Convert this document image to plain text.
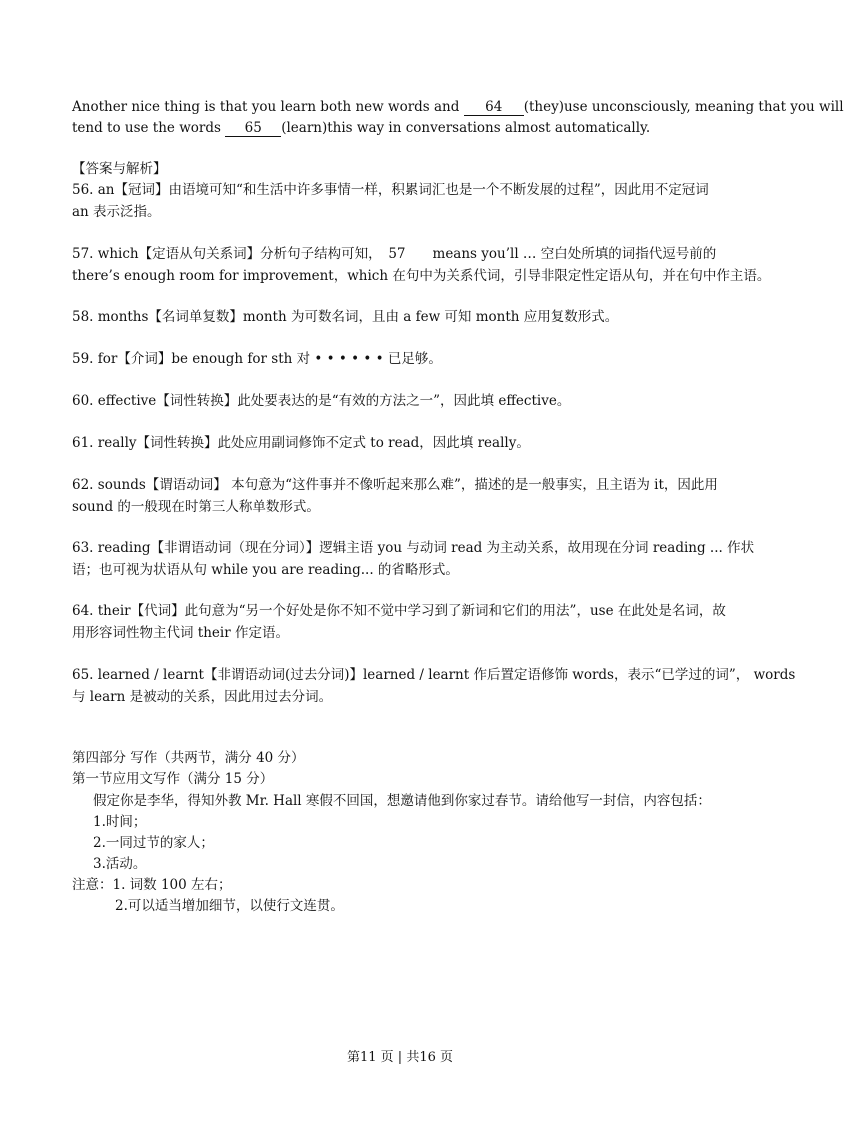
Another nice thing is that you learn both new words and 64 (they)use unconsciously, meaning that you will
tend to use the words 65 (learn)this way in conversations almost automatically.
【答案与解析】
56. an【冠词】由语境可知“和生活中许多事情一样，积累词汇也是一个不断发展的过程”，因此用不定冠词
an 表示泛指。
57. which【定语从句关系词】分析句子结构可知，　57　　means you’ll … 空白处所填的词指代逗号前的
there’s enough room for improvement，which 在句中为关系代词，引导非限定性定语从句，并在句中作主语。
58. months【名词单复数】month 为可数名词，且由 a few 可知 month 应用复数形式。
59. for【介词】be enough for sth 对 • • • • • • 已足够。
60. effective【词性转换】此处要表达的是“有效的方法之一”，因此填 effective。
61. really【词性转换】此处应用副词修饰不定式 to read，因此填 really。
62. sounds【谓语动词】 本句意为“这件事并不像听起来那么难”，描述的是一般事实，且主语为 it，因此用
sound 的一般现在时第三人称单数形式。
63. reading【非谓语动词（现在分词）】逻辑主语 you 与动词 read 为主动关系，故用现在分词 reading ... 作状
语；也可视为状语从句 while you are reading... 的省略形式。
64. their【代词】此句意为“另一个好处是你不知不觉中学习到了新词和它们的用法”，use 在此处是名词，故
用形容词性物主代词 their 作定语。
65. learned / learnt【非谓语动词(过去分词)】learned / learnt 作后置定语修饰 words，表示“已学过的词”， words
与 learn 是被动的关系，因此用过去分词。
第四部分 写作（共两节，满分 40 分）
第一节应用文写作（满分 15 分）
假定你是李华，得知外教 Mr. Hall 寒假不回国，想邀请他到你家过春节。请给他写一封信，内容包括：
1.时间；
2.一同过节的家人；
3.活动。
注意：1. 词数 100 左右；
2.可以适当增加细节，以使行文连贯。
第11 页 | 共16 页
